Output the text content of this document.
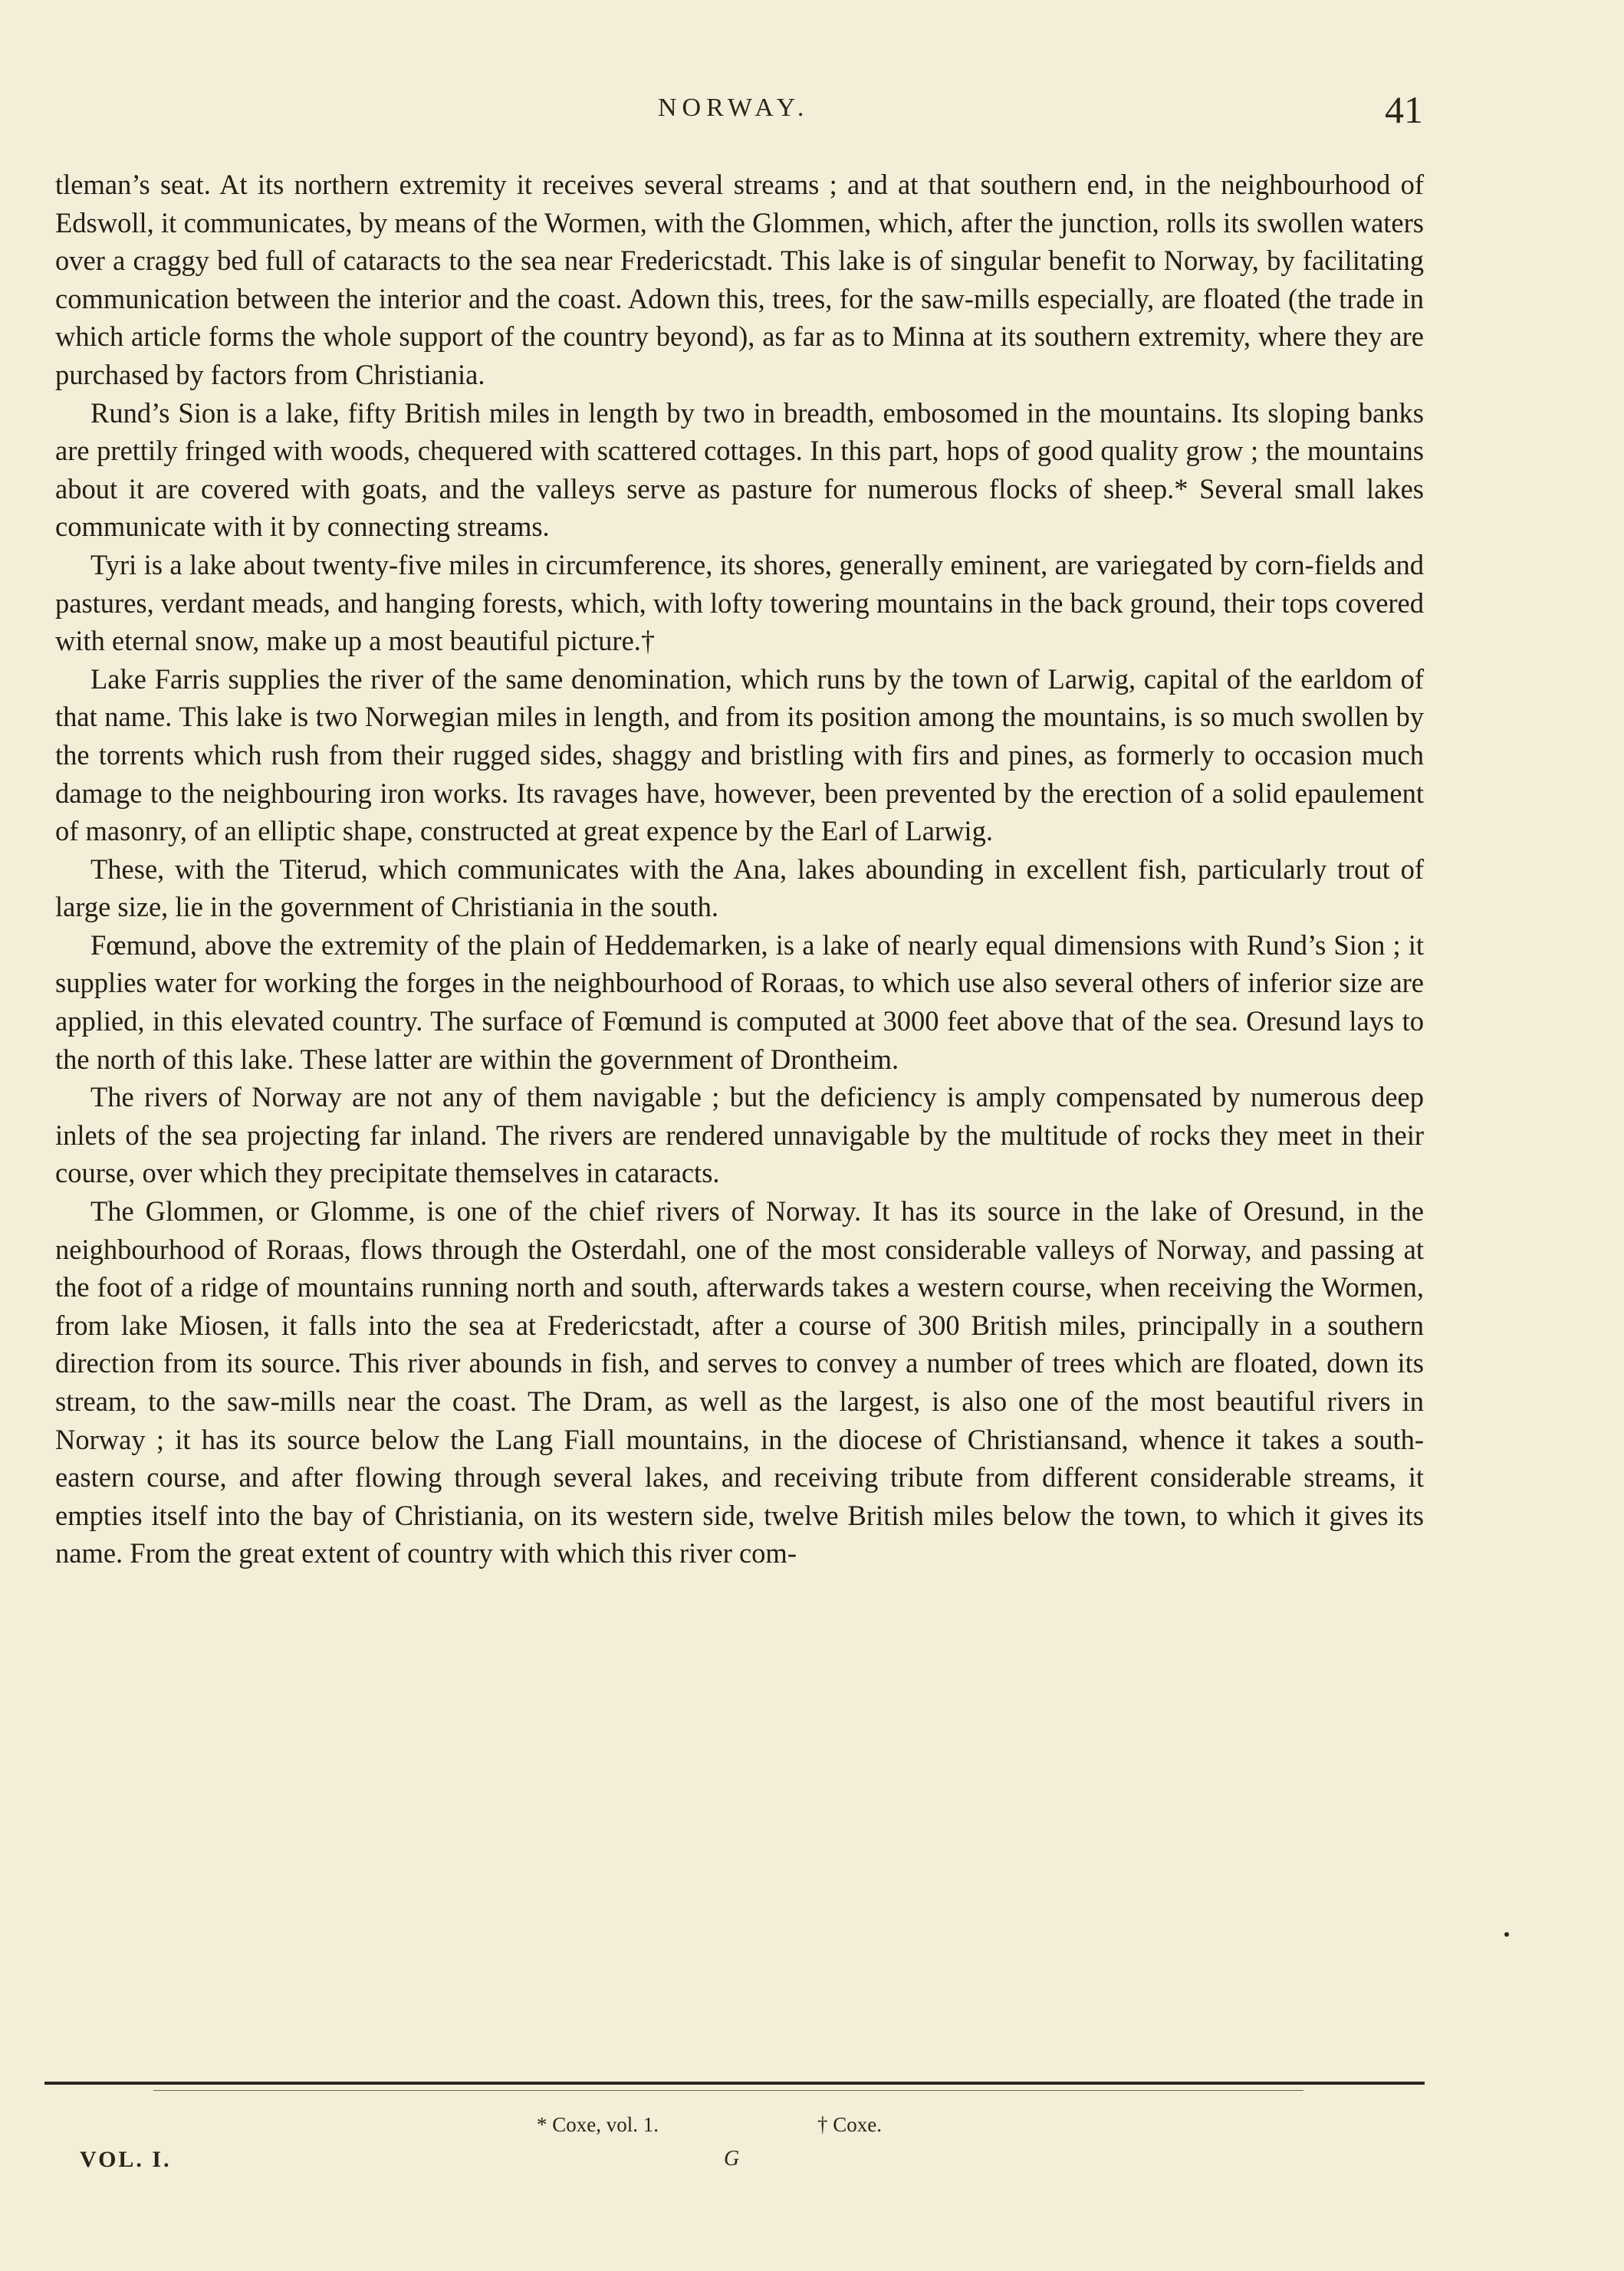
NORWAY.	41

tleman’s seat. At its northern extremity it receives several streams ; and at that southern end, in the neighbourhood of Edswoll, it communicates, by means of the Wormen, with the Glommen, which, after the junction, rolls its swollen waters over a craggy bed full of cataracts to the sea near Fredericstadt. This lake is of singular benefit to Norway, by facilitating communication between the interior and the coast. Adown this, trees, for the saw-mills especially, are floated (the trade in which article forms the whole support of the country beyond), as far as to Minna at its southern extremity, where they are purchased by factors from Christiania.

Rund’s Sion is a lake, fifty British miles in length by two in breadth, embosomed in the mountains. Its sloping banks are prettily fringed with woods, chequered with scattered cottages. In this part, hops of good quality grow ; the mountains about it are covered with goats, and the valleys serve as pasture for numerous flocks of sheep.* Several small lakes communicate with it by connecting streams.

Tyri is a lake about twenty-five miles in circumference, its shores, generally eminent, are variegated by corn-fields and pastures, verdant meads, and hanging forests, which, with lofty towering mountains in the back ground, their tops covered with eternal snow, make up a most beautiful picture.†

Lake Farris supplies the river of the same denomination, which runs by the town of Larwig, capital of the earldom of that name. This lake is two Norwegian miles in length, and from its position among the mountains, is so much swollen by the torrents which rush from their rugged sides, shaggy and bristling with firs and pines, as formerly to occasion much damage to the neighbouring iron works. Its ravages have, however, been prevented by the erection of a solid epaulement of masonry, of an elliptic shape, constructed at great expence by the Earl of Larwig.

These, with the Titerud, which communicates with the Ana, lakes abounding in excellent fish, particularly trout of large size, lie in the government of Christiania in the south.

Fœmund, above the extremity of the plain of Heddemarken, is a lake of nearly equal dimensions with Rund’s Sion ; it supplies water for working the forges in the neighbourhood of Roraas, to which use also several others of inferior size are applied, in this elevated country. The surface of Fœmund is computed at 3000 feet above that of the sea. Oresund lays to the north of this lake. These latter are within the government of Drontheim.

The rivers of Norway are not any of them navigable ; but the deficiency is amply compensated by numerous deep inlets of the sea projecting far inland. The rivers are rendered unnavigable by the multitude of rocks they meet in their course, over which they precipitate themselves in cataracts.

The Glommen, or Glomme, is one of the chief rivers of Norway. It has its source in the lake of Oresund, in the neighbourhood of Roraas, flows through the Osterdahl, one of the most considerable valleys of Norway, and passing at the foot of a ridge of mountains running north and south, afterwards takes a western course, when receiving the Wormen, from lake Miosen, it falls into the sea at Fredericstadt, after a course of 300 British miles, principally in a southern direction from its source. This river abounds in fish, and serves to convey a number of trees which are floated, down its stream, to the saw-mills near the coast. The Dram, as well as the largest, is also one of the most beautiful rivers in Norway ; it has its source below the Lang Fiall mountains, in the diocese of Christiansand, whence it takes a south-eastern course, and after flowing through several lakes, and receiving tribute from different considerable streams, it empties itself into the bay of Christiania, on its western side, twelve British miles below the town, to which it gives its name. From the great extent of country with which this river com-

* Coxe, vol. 1.	† Coxe.
VOL. I.	G
